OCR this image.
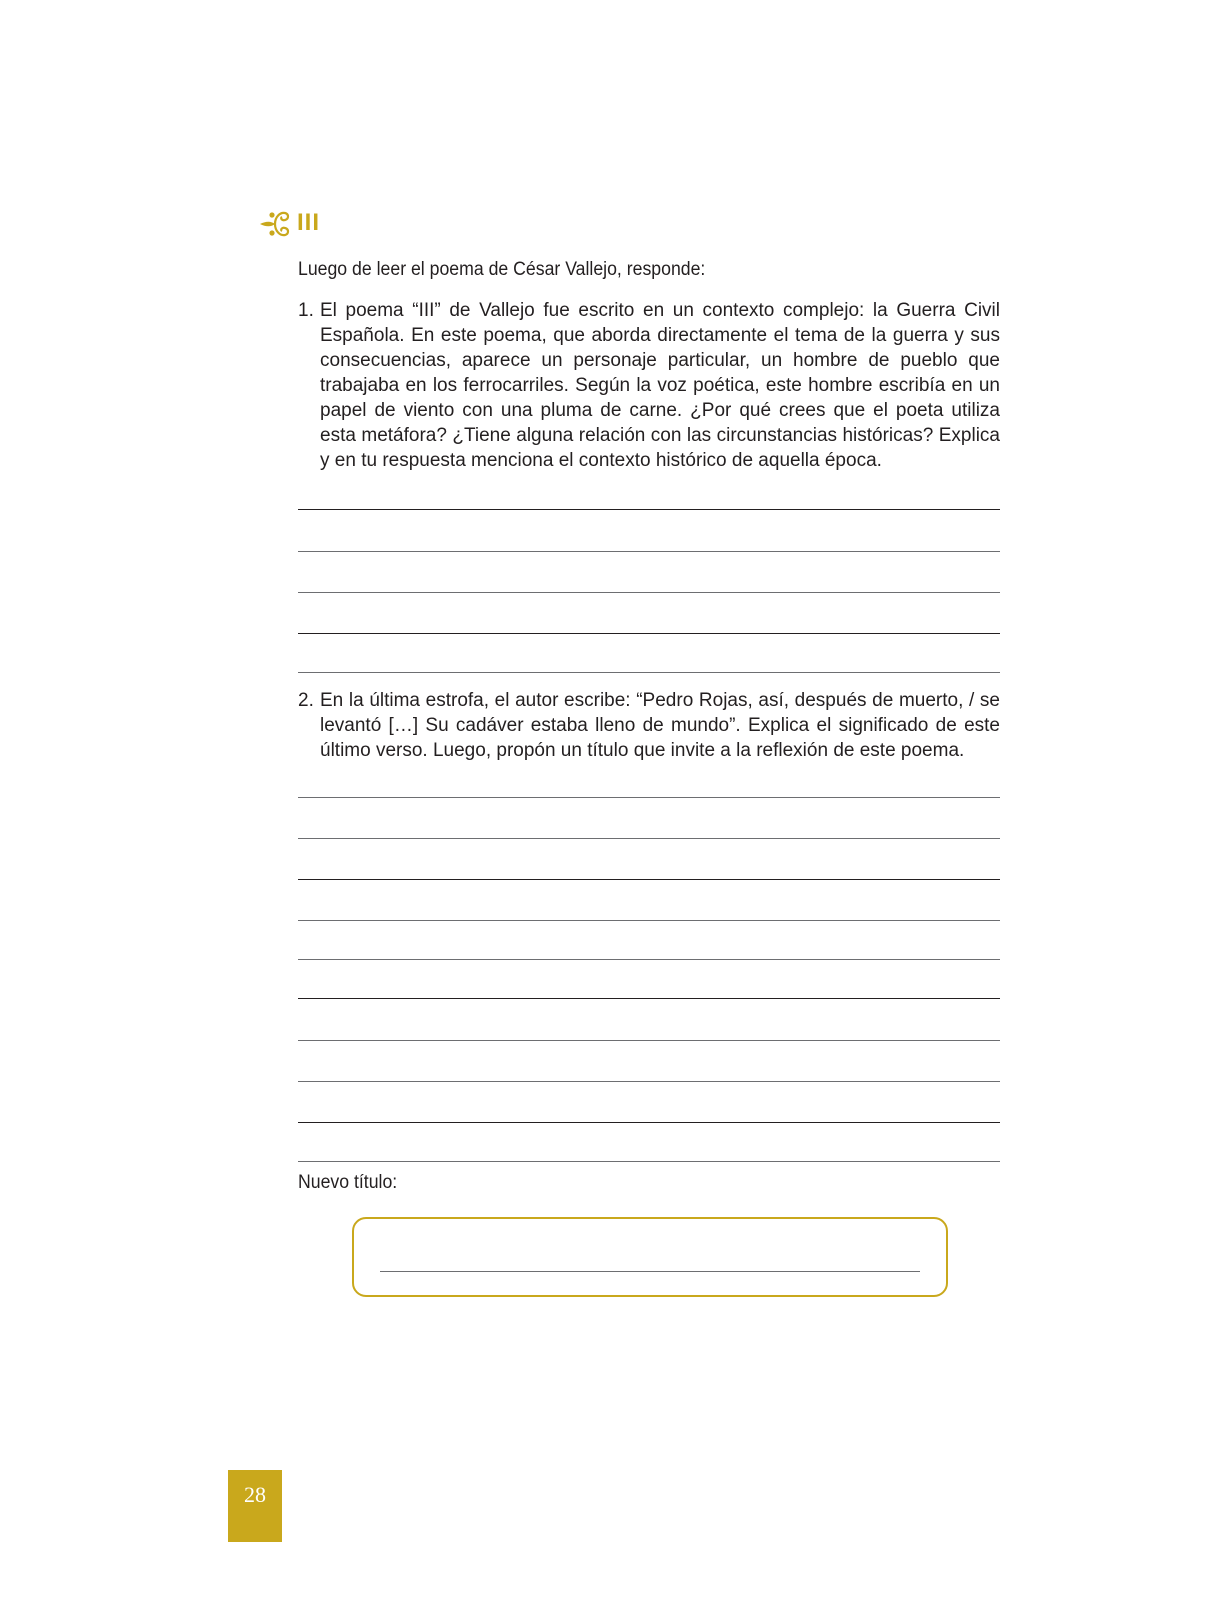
III
Luego de leer el poema de César Vallejo, responde:
1. El poema “III” de Vallejo fue escrito en un contexto complejo: la Guerra Civil Española. En este poema, que aborda directamente el tema de la guerra y sus consecuencias, aparece un personaje particular, un hombre de pueblo que trabajaba en los ferrocarriles. Según la voz poética, este hombre escribía en un papel de viento con una pluma de carne. ¿Por qué crees que el poeta utiliza esta metáfora? ¿Tiene alguna relación con las circunstancias históricas? Explica y en tu respuesta menciona el contexto histórico de aquella época.
2. En la última estrofa, el autor escribe: “Pedro Rojas, así, después de muerto, / se levantó […] Su cadáver estaba lleno de mundo”. Explica el significado de este último verso. Luego, propón un título que invite a la reflexión de este poema.
Nuevo título:
28
